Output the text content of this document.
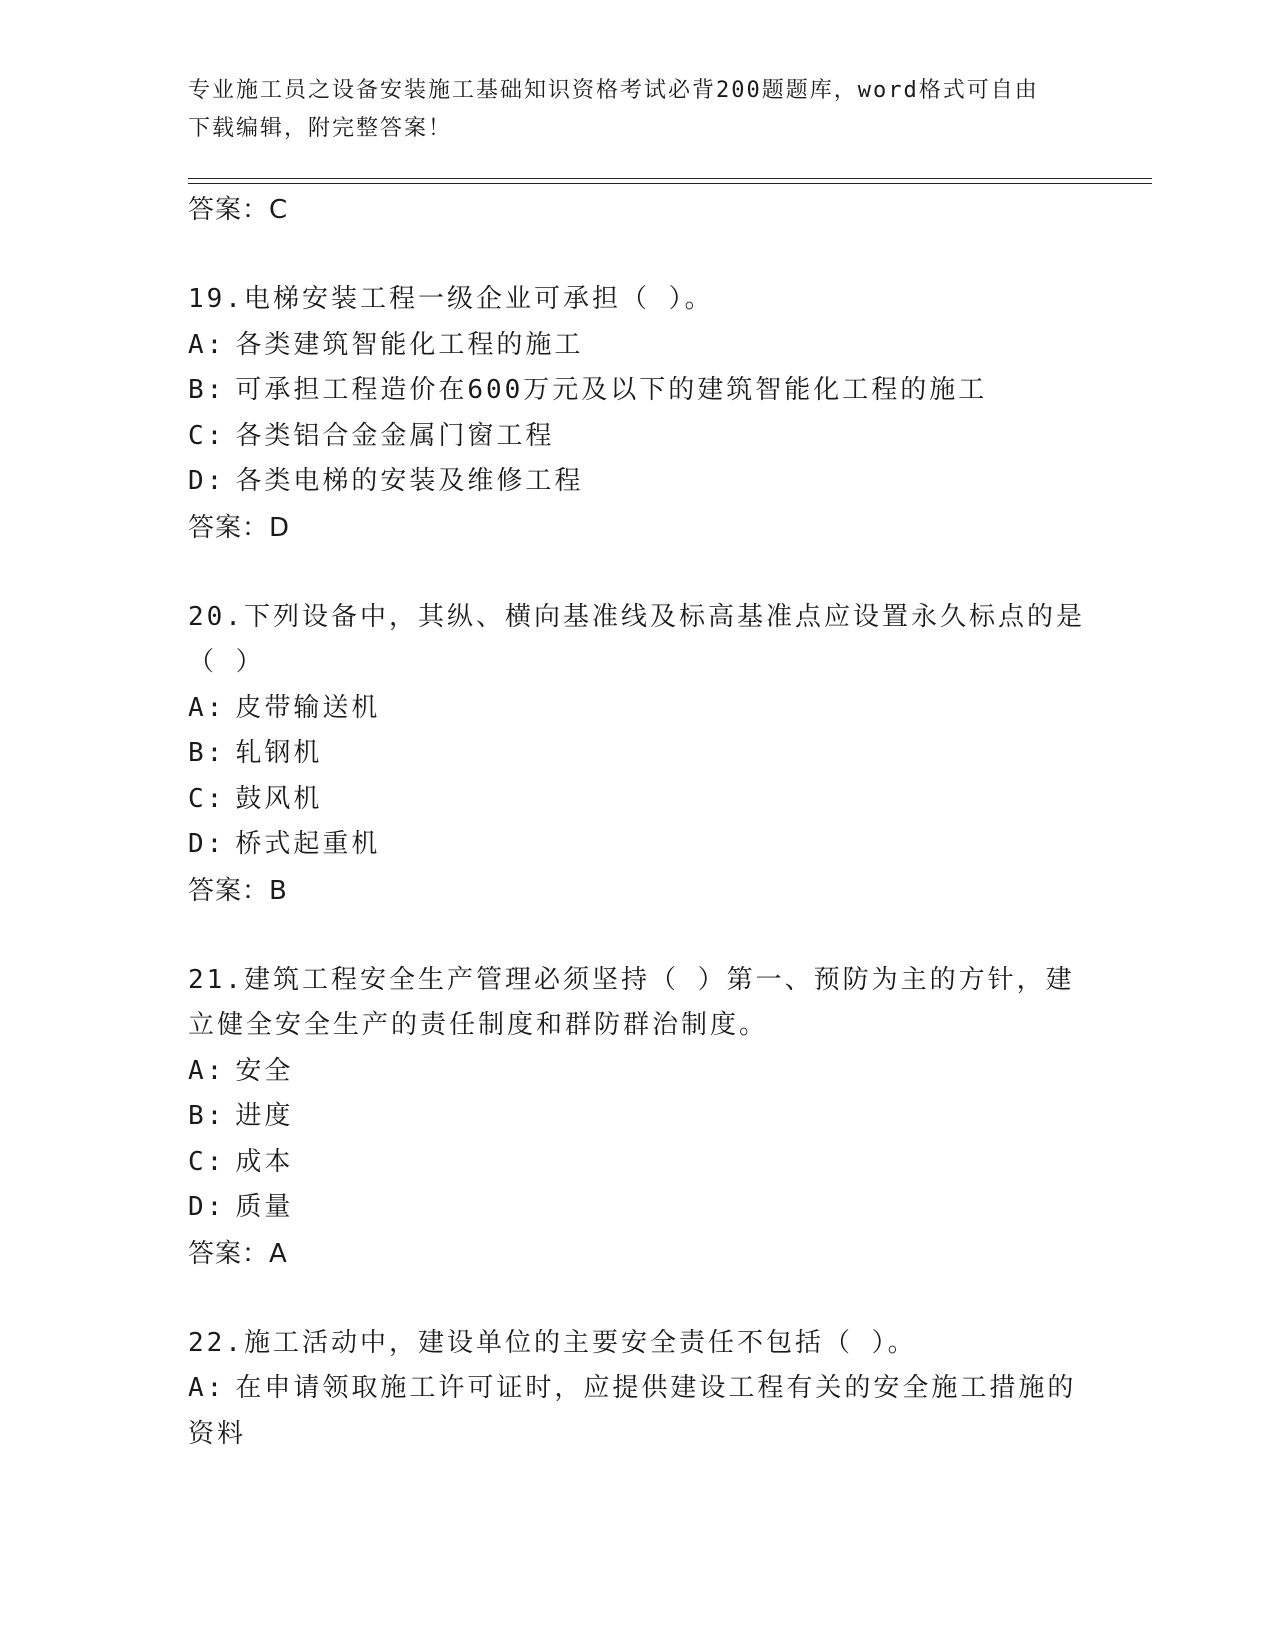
专业施工员之设备安装施工基础知识资格考试必背200题题库，word格式可自由
下载编辑，附完整答案！
答案：C
19.电梯安装工程一级企业可承担（ ）。
A: 各类建筑智能化工程的施工
B: 可承担工程造价在600万元及以下的建筑智能化工程的施工
C: 各类铝合金金属门窗工程
D: 各类电梯的安装及维修工程
答案：D
20.下列设备中，其纵、横向基准线及标高基准点应设置永久标点的是
（ ）
A: 皮带输送机
B: 轧钢机
C: 鼓风机
D: 桥式起重机
答案：B
21.建筑工程安全生产管理必须坚持（ ）第一、预防为主的方针，建
立健全安全生产的责任制度和群防群治制度。
A: 安全
B: 进度
C: 成本
D: 质量
答案：A
22.施工活动中，建设单位的主要安全责任不包括（ ）。
A: 在申请领取施工许可证时，应提供建设工程有关的安全施工措施的
资料
